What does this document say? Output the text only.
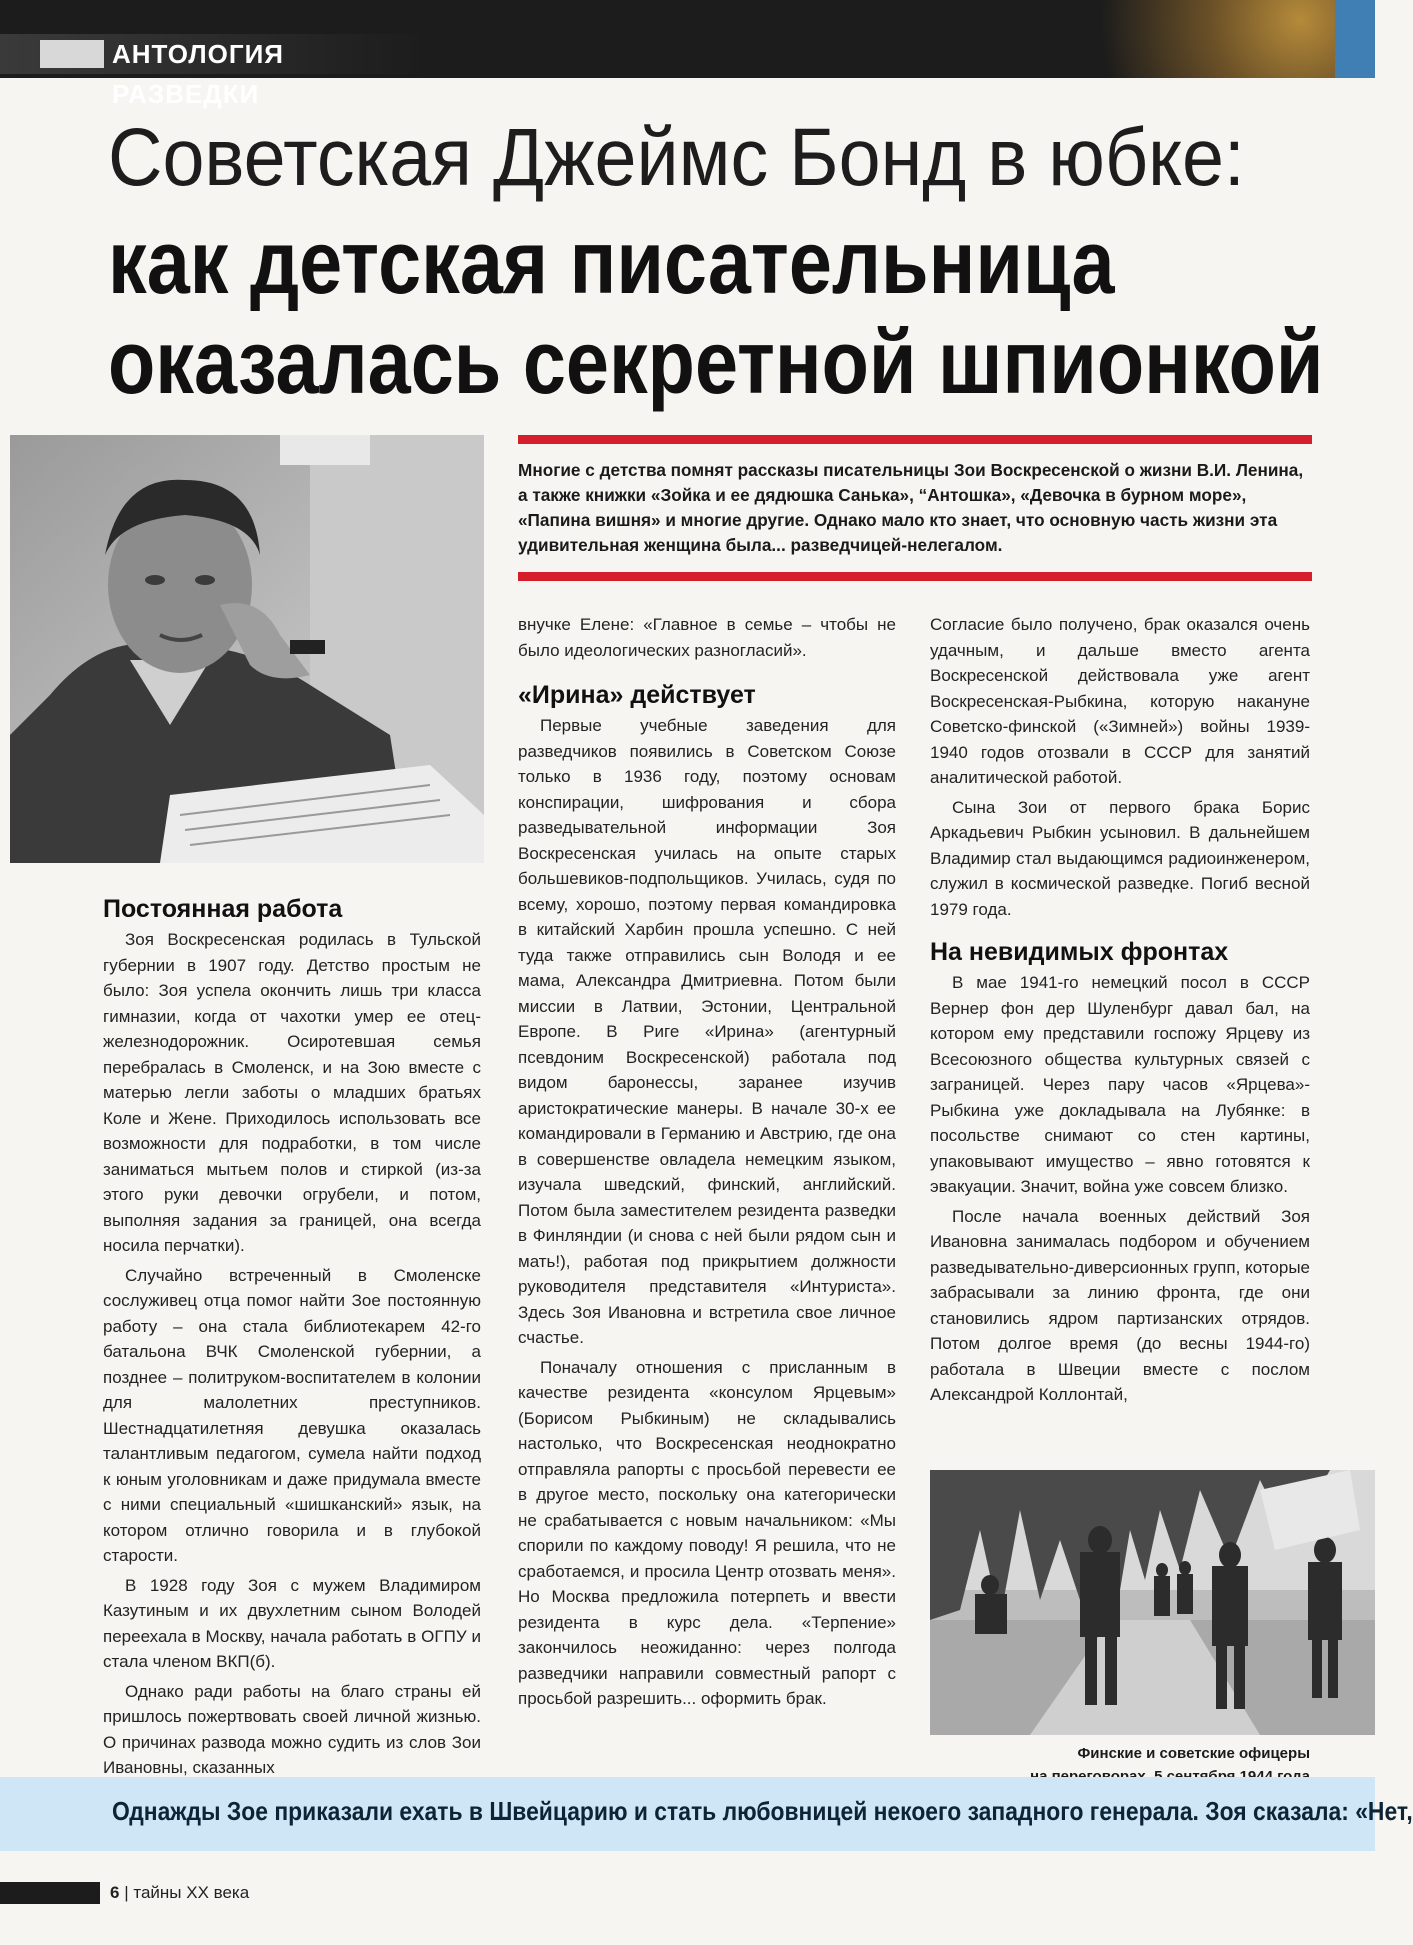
АНТОЛОГИЯ РАЗВЕДКИ
Советская Джеймс Бонд в юбке:
как детская писательница
оказалась секретной шпионкой

Многие с детства помнят рассказы писательницы Зои Воскресенской о жизни В.И. Ленина, а также книжки «Зойка и ее дядюшка Санька», “Антошка», «Девочка в бурном море», «Папина вишня» и многие другие. Однако мало кто знает, что основную часть жизни эта удивительная женщина была... разведчицей-нелегалом.

Постоянная работа

Зоя Воскресенская родилась в Тульской губернии в 1907 году. Детство простым не было: Зоя успела окончить лишь три класса гимназии, когда от чахотки умер ее отец-железнодорожник. Осиротевшая семья перебралась в Смоленск, и на Зою вместе с матерью легли заботы о младших братьях Коле и Жене. Приходилось использовать все возможности для подработки, в том числе заниматься мытьем полов и стиркой (из-за этого руки девочки огрубели, и потом, выполняя задания за границей, она всегда носила перчатки).

Случайно встреченный в Смоленске сослуживец отца помог найти Зое постоянную работу – она стала библиотекарем 42-го батальона ВЧК Смоленской губернии, а позднее – политруком-воспитателем в колонии для малолетних преступников. Шестнадцатилетняя девушка оказалась талантливым педагогом, сумела найти подход к юным уголовникам и даже придумала вместе с ними специальный «шишканский» язык, на котором отлично говорила и в глубокой старости.

В 1928 году Зоя с мужем Владимиром Казутиным и их двухлетним сыном Володей переехала в Москву, начала работать в ОГПУ и стала членом ВКП(б).

Однако ради работы на благо страны ей пришлось пожертвовать своей личной жизнью. О причинах развода можно судить из слов Зои Ивановны, сказанных

внучке Елене: «Главное в семье – чтобы не было идеологических разногласий».

«Ирина» действует

Первые учебные заведения для разведчиков появились в Советском Союзе только в 1936 году, поэтому основам конспирации, шифрования и сбора разведывательной информации Зоя Воскресенская училась на опыте старых большевиков-подпольщиков. Училась, судя по всему, хорошо, поэтому первая командировка в китайский Харбин прошла успешно. С ней туда также отправились сын Володя и ее мама, Александра Дмитриевна. Потом были миссии в Латвии, Эстонии, Центральной Европе. В Риге «Ирина» (агентурный псевдоним Воскресенской) работала под видом баронессы, заранее изучив аристократические манеры. В начале 30-х ее командировали в Германию и Австрию, где она в совершенстве овладела немецким языком, изучала шведский, финский, английский. Потом была заместителем резидента разведки в Финляндии (и снова с ней были рядом сын и мать!), работая под прикрытием должности руководителя представителя «Интуриста». Здесь Зоя Ивановна и встретила свое личное счастье.

Поначалу отношения с присланным в качестве резидента «консулом Ярцевым» (Борисом Рыбкиным) не складывались настолько, что Воскресенская неоднократно отправляла рапорты с просьбой перевести ее в другое место, поскольку она категорически не срабатывается с новым начальником: «Мы спорили по каждому поводу! Я решила, что не сработаемся, и просила Центр отозвать меня». Но Москва предложила потерпеть и ввести резидента в курс дела. «Терпение» закончилось неожиданно: через полгода разведчики направили совместный рапорт с просьбой разрешить... оформить брак.

Согласие было получено, брак оказался очень удачным, и дальше вместо агента Воскресенской действовала уже агент Воскресенская-Рыбкина, которую накануне Советско-финской («Зимней») войны 1939-1940 годов отозвали в СССР для занятий аналитической работой.

Сына Зои от первого брака Борис Аркадьевич Рыбкин усыновил. В дальнейшем Владимир стал выдающимся радиоинженером, служил в космической разведке. Погиб весной 1979 года.

На невидимых фронтах

В мае 1941-го немецкий посол в СССР Вернер фон дер Шуленбург давал бал, на котором ему представили госпожу Ярцеву из Всесоюзного общества культурных связей с заграницей. Через пару часов «Ярцева»-Рыбкина уже докладывала на Лубянке: в посольстве снимают со стен картины, упаковывают имущество – явно готовятся к эвакуации. Значит, война уже совсем близко.

После начала военных действий Зоя Ивановна занималась подбором и обучением разведывательно-диверсионных групп, которые забрасывали за линию фронта, где они становились ядром партизанских отрядов. Потом долгое время (до весны 1944-го) работала в Швеции вместе с послом Александрой Коллонтай,

Финские и советские офицеры
Однажды Зое приказали ехать в Швейцарию и стать любовницей некоего западного генерала. Зоя сказала: «Нет,
6 | тайны XX века
